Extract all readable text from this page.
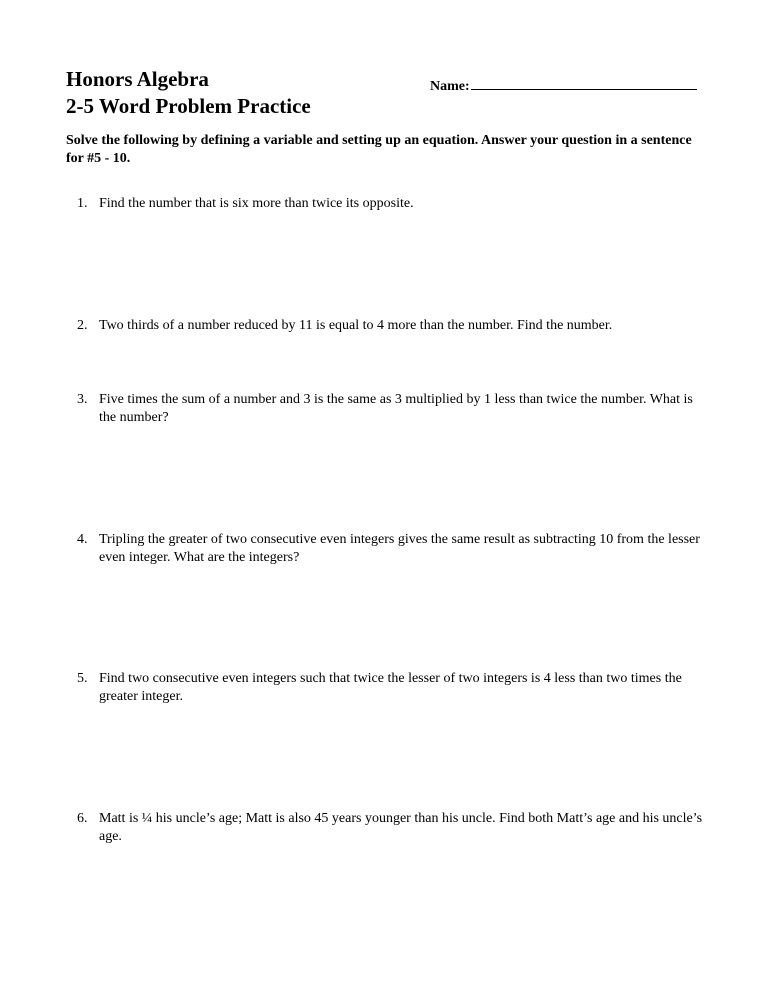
Honors Algebra
2-5 Word Problem Practice
Name:
Solve the following by defining a variable and setting up an equation. Answer your question in a sentence for #5 - 10.
1. Find the number that is six more than twice its opposite.
2. Two thirds of a number reduced by 11 is equal to 4 more than the number. Find the number.
3. Five times the sum of a number and 3 is the same as 3 multiplied by 1 less than twice the number. What is the number?
4. Tripling the greater of two consecutive even integers gives the same result as subtracting 10 from the lesser even integer. What are the integers?
5. Find two consecutive even integers such that twice the lesser of two integers is 4 less than two times the greater integer.
6. Matt is ¼ his uncle’s age; Matt is also 45 years younger than his uncle. Find both Matt’s age and his uncle’s age.
